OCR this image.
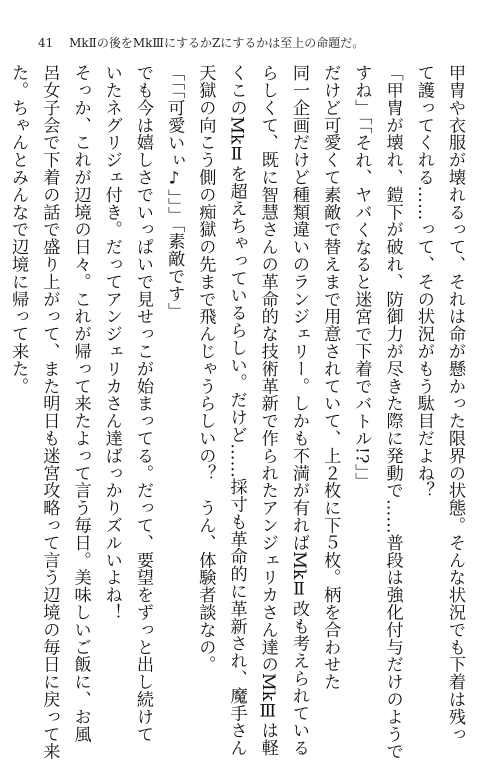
41 MkⅡの後をMkⅢにするかZにするかは至上の命題だ。
甲冑や衣服が壊れるって、それは命が懸かった限界の状態。そんな状況でも下着は残っ
て護ってくれる……って、その状況がもう駄目だよね？
「甲冑が壊れ、鎧下が破れ、防御力が尽きた際に発動で……普段は強化付与だけのようで
すね」「「それ、ヤバくなると迷宮で下着でバトル!?」」
だけど可愛くて素敵で替えまで用意されていて、上２枚に下５枚。柄を合わせた
同一企画だけど種類違いのランジェリー。しかも不満が有ればMkⅡ改も考えられている
らしくて、既に智慧さんの革命的な技術革新で作られたアンジェリカさん達のMkⅢは軽
くこのMkⅡを超えちゃっているらしい。だけど……採寸も革命的に革新され、魔手さん
天獄の向こう側の痴獄の先まで飛んじゃうらしいの？　うん、体験者談なの。
「「「可愛いぃ♪」」」「素敵です」
でも今は嬉しさでいっぱいで見せっこが始まってる。だって、要望をずっと出し続けて
いたネグリジェ付き。だってアンジェリカさん達ばっかりズルいよね！
そっか、これが辺境の日々。これが帰って来たよって言う毎日。美味しいご飯に、お風
呂女子会で下着の話で盛り上がって、また明日も迷宮攻略って言う辺境の毎日に戻って来
た。ちゃんとみんなで辺境に帰って来た。
